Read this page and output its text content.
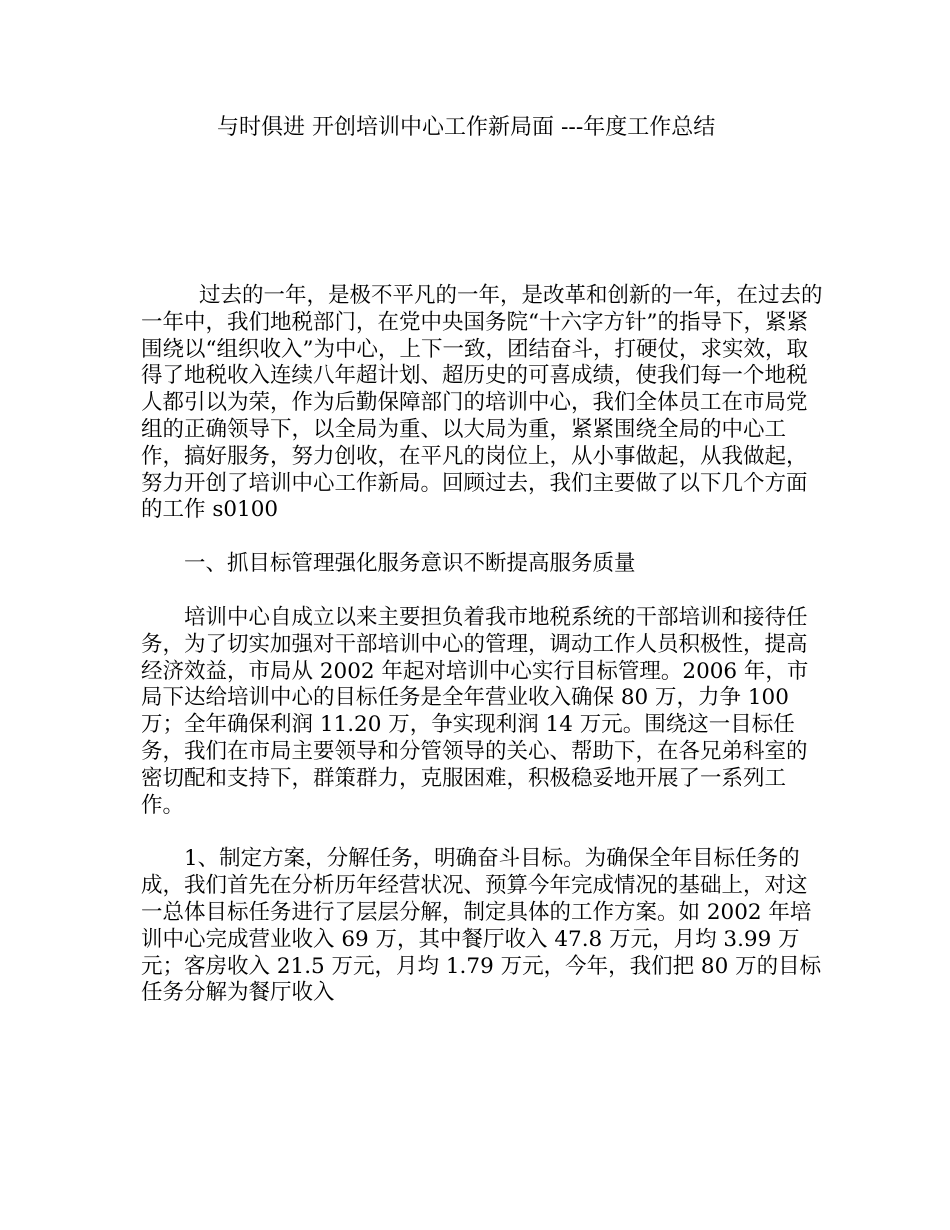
与时俱进 开创培训中心工作新局面 ---年度工作总结

过去的一年，是极不平凡的一年，是改革和创新的一年，在过去的一年中，我们地税部门，在党中央国务院“十六字方针”的指导下，紧紧围绕以“组织收入”为中心，上下一致，团结奋斗，打硬仗，求实效，取得了地税收入连续八年超计划、超历史的可喜成绩，使我们每一个地税人都引以为荣，作为后勤保障部门的培训中心，我们全体员工在市局党组的正确领导下，以全局为重、以大局为重，紧紧围绕全局的中心工作，搞好服务，努力创收，在平凡的岗位上，从小事做起，从我做起，努力开创了培训中心工作新局。回顾过去，我们主要做了以下几个方面的工作 s0100

一、抓目标管理强化服务意识不断提高服务质量

培训中心自成立以来主要担负着我市地税系统的干部培训和接待任务，为了切实加强对干部培训中心的管理，调动工作人员积极性，提高经济效益，市局从 2002 年起对培训中心实行目标管理。2006 年，市局下达给培训中心的目标任务是全年营业收入确保 80 万，力争 100 万；全年确保利润 11.20 万，争实现利润 14 万元。围绕这一目标任务，我们在市局主要领导和分管领导的关心、帮助下，在各兄弟科室的密切配和支持下，群策群力，克服困难，积极稳妥地开展了一系列工作。

1、制定方案，分解任务，明确奋斗目标。为确保全年目标任务的成，我们首先在分析历年经营状况、预算今年完成情况的基础上，对这一总体目标任务进行了层层分解，制定具体的工作方案。如 2002 年培训中心完成营业收入 69 万，其中餐厅收入 47.8 万元，月均 3.99 万元；客房收入 21.5 万元，月均 1.79 万元，今年，我们把 80 万的目标任务分解为餐厅收入
